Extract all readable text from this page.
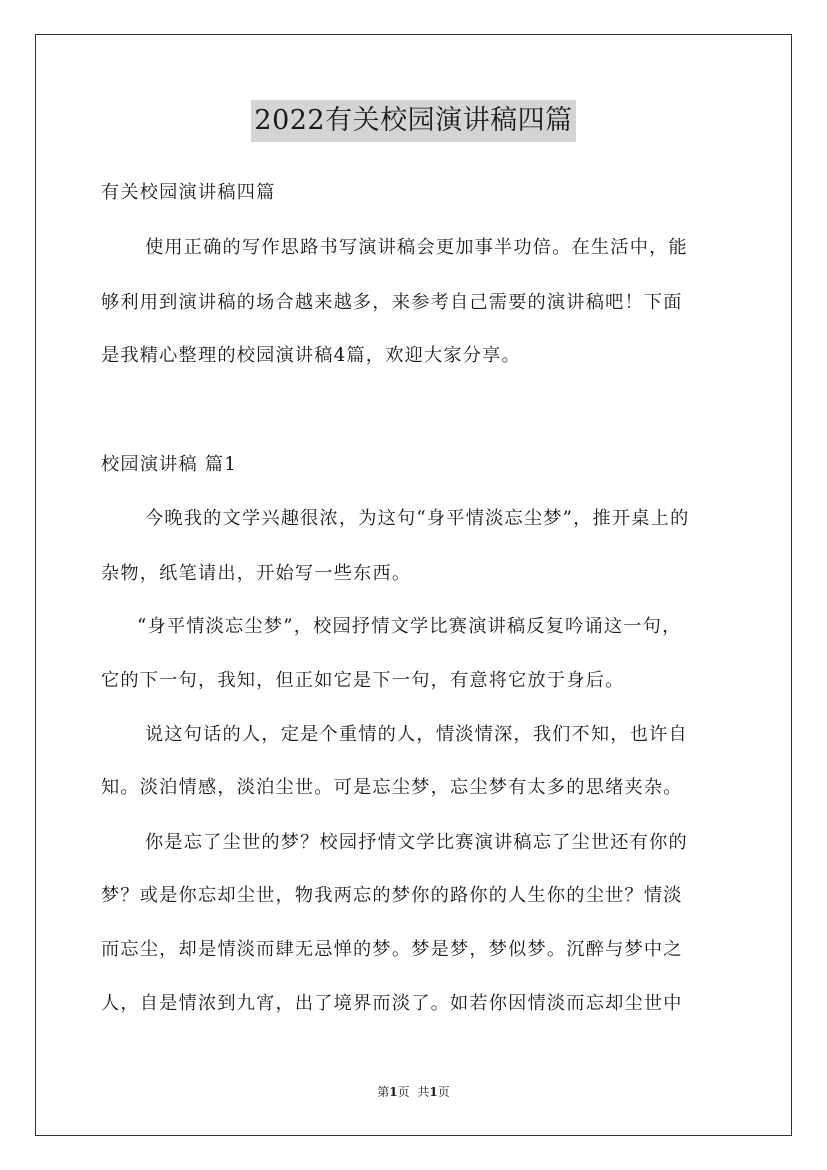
2022有关校园演讲稿四篇
有关校园演讲稿四篇
使用正确的写作思路书写演讲稿会更加事半功倍。在生活中，能
够利用到演讲稿的场合越来越多，来参考自己需要的演讲稿吧！下面
是我精心整理的校园演讲稿4篇，欢迎大家分享。
校园演讲稿 篇1
今晚我的文学兴趣很浓，为这句“身平情淡忘尘梦”，推开桌上的
杂物，纸笔请出，开始写一些东西。
“身平情淡忘尘梦”，校园抒情文学比赛演讲稿反复吟诵这一句，
它的下一句，我知，但正如它是下一句，有意将它放于身后。
说这句话的人，定是个重情的人，情淡情深，我们不知，也许自
知。淡泊情感，淡泊尘世。可是忘尘梦，忘尘梦有太多的思绪夹杂。
你是忘了尘世的梦？校园抒情文学比赛演讲稿忘了尘世还有你的
梦？或是你忘却尘世，物我两忘的梦你的路你的人生你的尘世？情淡
而忘尘，却是情淡而肆无忌惮的梦。梦是梦，梦似梦。沉醉与梦中之
人，自是情浓到九宵，出了境界而淡了。如若你因情淡而忘却尘世中
第1页 共1页
